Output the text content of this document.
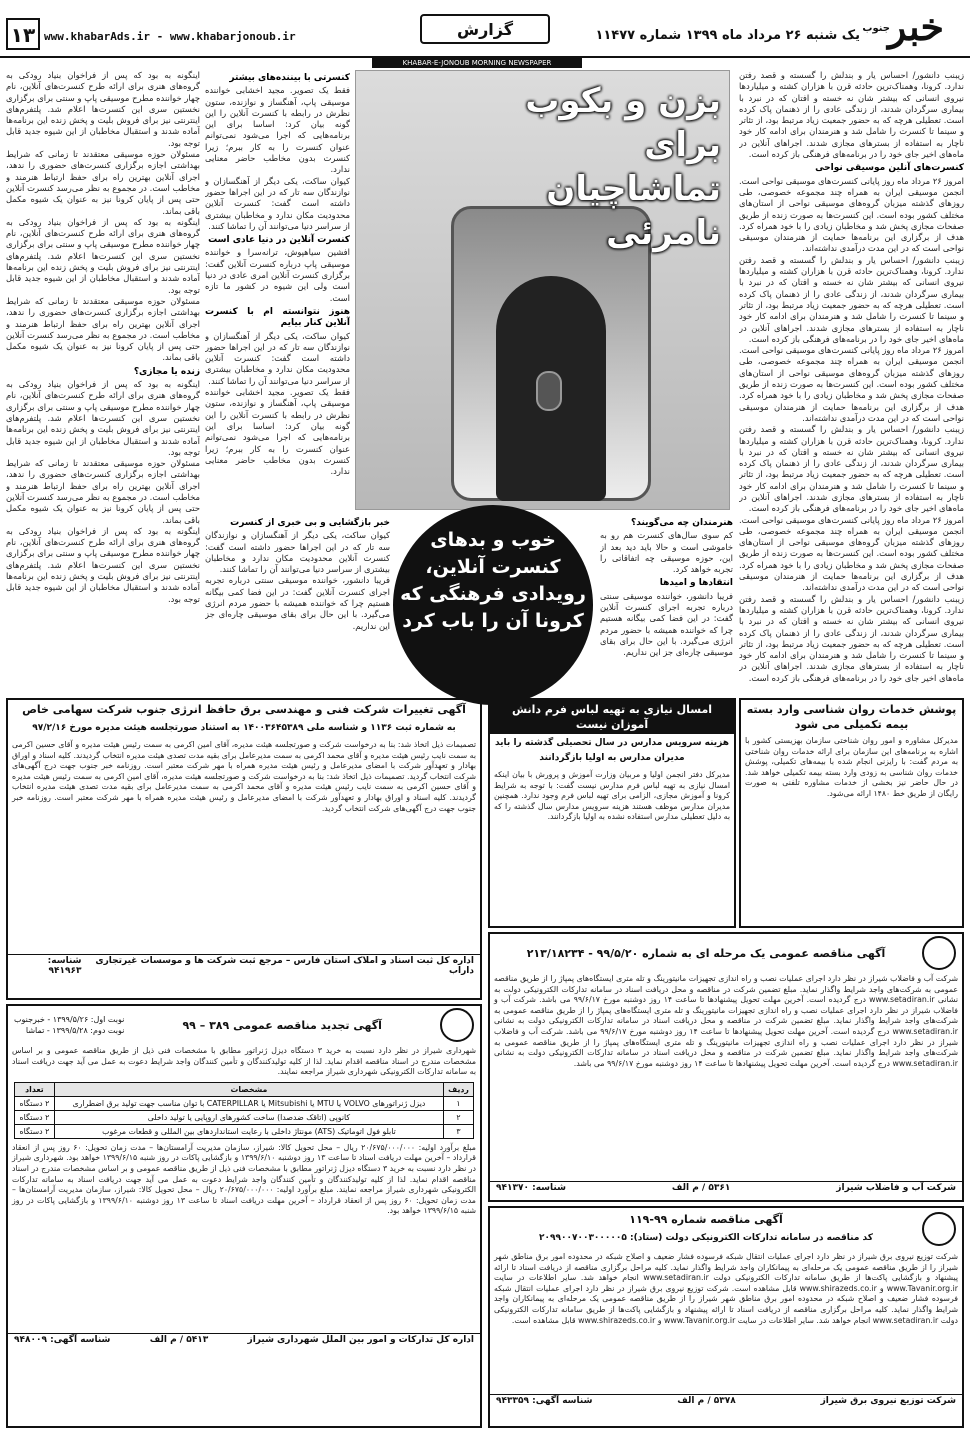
خبر
جنوب
یک شنبه ۲۶ مرداد ماه ۱۳۹۹ شماره ۱۱۴۷۷
گزارش
www.khabarAds.ir - www.khabarjonoub.ir
۱۳
KHABAR-E-JONOUB MORNING NEWSPAPER
زیبنب دانشور/ احساس یار و بندلش را گسسته و قصد رفتن ندارد. کرونا، وهمناک‌ترین حادثه قرن با هزاران کشته و میلیاردها نیروی انسانی که بیشتر شان نه خسته و افتان که در نبرد با بیماری سرگردان شدند، از زندگی عادی را از ذهنمان پاک کرده است. تعطیلی هرچه که به حضور جمعیت زیاد مرتبط بود، از تئاتر و سینما تا کنسرت را شامل شد و هنرمندان برای ادامه کار خود ناچار به استفاده از بسترهای مجازی شدند. اجراهای آنلاین در ماه‌های اخیر جای خود را در برنامه‌های فرهنگی باز کرده است.
کنسرت‌های آنلین موسیقی نواحی
امروز ۲۶ مرداد ماه روز پایانی کنسرت‌های موسیقی نواحی است. انجمن موسیقی ایران به همراه چند مجموعه خصوصی، طی روزهای گذشته میزبان گروه‌های موسیقی نواحی از استان‌های مختلف کشور بوده است. این کنسرت‌ها به صورت زنده از طریق صفحات مجازی پخش شد و مخاطبان زیادی را با خود همراه کرد. هدف از برگزاری این برنامه‌ها حمایت از هنرمندان موسیقی نواحی است که در این مدت درآمدی نداشته‌اند.
زیبنب دانشور/ احساس یار و بندلش را گسسته و قصد رفتن ندارد. کرونا، وهمناک‌ترین حادثه قرن با هزاران کشته و میلیاردها نیروی انسانی که بیشتر شان نه خسته و افتان که در نبرد با بیماری سرگردان شدند، از زندگی عادی را از ذهنمان پاک کرده است. تعطیلی هرچه که به حضور جمعیت زیاد مرتبط بود، از تئاتر و سینما تا کنسرت را شامل شد و هنرمندان برای ادامه کار خود ناچار به استفاده از بسترهای مجازی شدند. اجراهای آنلاین در ماه‌های اخیر جای خود را در برنامه‌های فرهنگی باز کرده است.
امروز ۲۶ مرداد ماه روز پایانی کنسرت‌های موسیقی نواحی است. انجمن موسیقی ایران به همراه چند مجموعه خصوصی، طی روزهای گذشته میزبان گروه‌های موسیقی نواحی از استان‌های مختلف کشور بوده است. این کنسرت‌ها به صورت زنده از طریق صفحات مجازی پخش شد و مخاطبان زیادی را با خود همراه کرد. هدف از برگزاری این برنامه‌ها حمایت از هنرمندان موسیقی نواحی است که در این مدت درآمدی نداشته‌اند.
زیبنب دانشور/ احساس یار و بندلش را گسسته و قصد رفتن ندارد. کرونا، وهمناک‌ترین حادثه قرن با هزاران کشته و میلیاردها نیروی انسانی که بیشتر شان نه خسته و افتان که در نبرد با بیماری سرگردان شدند، از زندگی عادی را از ذهنمان پاک کرده است. تعطیلی هرچه که به حضور جمعیت زیاد مرتبط بود، از تئاتر و سینما تا کنسرت را شامل شد و هنرمندان برای ادامه کار خود ناچار به استفاده از بسترهای مجازی شدند. اجراهای آنلاین در ماه‌های اخیر جای خود را در برنامه‌های فرهنگی باز کرده است.
امروز ۲۶ مرداد ماه روز پایانی کنسرت‌های موسیقی نواحی است. انجمن موسیقی ایران به همراه چند مجموعه خصوصی، طی روزهای گذشته میزبان گروه‌های موسیقی نواحی از استان‌های مختلف کشور بوده است. این کنسرت‌ها به صورت زنده از طریق صفحات مجازی پخش شد و مخاطبان زیادی را با خود همراه کرد. هدف از برگزاری این برنامه‌ها حمایت از هنرمندان موسیقی نواحی است که در این مدت درآمدی نداشته‌اند.
زیبنب دانشور/ احساس یار و بندلش را گسسته و قصد رفتن ندارد. کرونا، وهمناک‌ترین حادثه قرن با هزاران کشته و میلیاردها نیروی انسانی که بیشتر شان نه خسته و افتان که در نبرد با بیماری سرگردان شدند، از زندگی عادی را از ذهنمان پاک کرده است. تعطیلی هرچه که به حضور جمعیت زیاد مرتبط بود، از تئاتر و سینما تا کنسرت را شامل شد و هنرمندان برای ادامه کار خود ناچار به استفاده از بسترهای مجازی شدند. اجراهای آنلاین در ماه‌های اخیر جای خود را در برنامه‌های فرهنگی باز کرده است.
بزن و بکوب برای تماشاچیان نامرئی
کنسرتی با بیننده‌های بیشتر
فقط یک تصویر. مجید اخشابی خواننده موسیقی پاپ، آهنگساز و نوازنده، ستون نظرش در رابطه با کنسرت آنلاین را این گونه بیان کرد: اساسا برای این برنامه‌هایی که اجرا می‌شود نمی‌توانم عنوان کنسرت را به کار ببرم؛ زیرا کنسرت بدون مخاطب حاضر معنایی ندارد.
کیوان ساکت، یکی دیگر از آهنگسازان و نوازندگان سه تار که در این اجراها حضور داشته است گفت: کنسرت آنلاین محدودیت مکان ندارد و مخاطبان بیشتری از سراسر دنیا می‌توانند آن را تماشا کنند.
کنسرت آنلاین در دنیا عادی است
افشین سیاهپوش، ترانه‌سرا و خواننده موسیقی پاپ درباره کنسرت آنلاین گفت: برگزاری کنسرت آنلاین امری عادی در دنیا است ولی این شیوه در کشور ما تازه است.
هنوز نتوانسته ام با کنسرت آنلاین کنار بیایم
کیوان ساکت، یکی دیگر از آهنگسازان و نوازندگان سه تار که در این اجراها حضور داشته است گفت: کنسرت آنلاین محدودیت مکان ندارد و مخاطبان بیشتری از سراسر دنیا می‌توانند آن را تماشا کنند.
فقط یک تصویر. مجید اخشابی خواننده موسیقی پاپ، آهنگساز و نوازنده، ستون نظرش در رابطه با کنسرت آنلاین را این گونه بیان کرد: اساسا برای این برنامه‌هایی که اجرا می‌شود نمی‌توانم عنوان کنسرت را به کار ببرم؛ زیرا کنسرت بدون مخاطب حاضر معنایی ندارد.
اینگونه به بود که پس از فراخوان بنیاد رودکی به گروه‌های هنری برای ارائه طرح کنسرت‌های آنلاین، نام چهار خواننده مطرح موسیقی پاپ و سنتی برای برگزاری نخستین سری این کنسرت‌ها اعلام شد. پلتفرم‌های اینترنتی نیز برای فروش بلیت و پخش زنده این برنامه‌ها آماده شدند و استقبال مخاطبان از این شیوه جدید قابل توجه بود.
مسئولان حوزه موسیقی معتقدند تا زمانی که شرایط بهداشتی اجازه برگزاری کنسرت‌های حضوری را ندهد، اجرای آنلاین بهترین راه برای حفظ ارتباط هنرمند و مخاطب است. در مجموع به نظر می‌رسد کنسرت آنلاین حتی پس از پایان کرونا نیز به عنوان یک شیوه مکمل باقی بماند.
اینگونه به بود که پس از فراخوان بنیاد رودکی به گروه‌های هنری برای ارائه طرح کنسرت‌های آنلاین، نام چهار خواننده مطرح موسیقی پاپ و سنتی برای برگزاری نخستین سری این کنسرت‌ها اعلام شد. پلتفرم‌های اینترنتی نیز برای فروش بلیت و پخش زنده این برنامه‌ها آماده شدند و استقبال مخاطبان از این شیوه جدید قابل توجه بود.
مسئولان حوزه موسیقی معتقدند تا زمانی که شرایط بهداشتی اجازه برگزاری کنسرت‌های حضوری را ندهد، اجرای آنلاین بهترین راه برای حفظ ارتباط هنرمند و مخاطب است. در مجموع به نظر می‌رسد کنسرت آنلاین حتی پس از پایان کرونا نیز به عنوان یک شیوه مکمل باقی بماند.
زنده یا مجازی؟
اینگونه به بود که پس از فراخوان بنیاد رودکی به گروه‌های هنری برای ارائه طرح کنسرت‌های آنلاین، نام چهار خواننده مطرح موسیقی پاپ و سنتی برای برگزاری نخستین سری این کنسرت‌ها اعلام شد. پلتفرم‌های اینترنتی نیز برای فروش بلیت و پخش زنده این برنامه‌ها آماده شدند و استقبال مخاطبان از این شیوه جدید قابل توجه بود.
مسئولان حوزه موسیقی معتقدند تا زمانی که شرایط بهداشتی اجازه برگزاری کنسرت‌های حضوری را ندهد، اجرای آنلاین بهترین راه برای حفظ ارتباط هنرمند و مخاطب است. در مجموع به نظر می‌رسد کنسرت آنلاین حتی پس از پایان کرونا نیز به عنوان یک شیوه مکمل باقی بماند.
اینگونه به بود که پس از فراخوان بنیاد رودکی به گروه‌های هنری برای ارائه طرح کنسرت‌های آنلاین، نام چهار خواننده مطرح موسیقی پاپ و سنتی برای برگزاری نخستین سری این کنسرت‌ها اعلام شد. پلتفرم‌های اینترنتی نیز برای فروش بلیت و پخش زنده این برنامه‌ها آماده شدند و استقبال مخاطبان از این شیوه جدید قابل توجه بود.
هنرمندان چه می‌گویند؟
کم سوی سال‌های کنسرت هم رو به خاموشی است و حالا باید دید بعد از این، حوزه موسیقی چه اتفاقاتی را تجربه خواهد کرد.
انتقادها و امیدها
فریبا دانشور، خواننده موسیقی سنتی درباره تجربه اجرای کنسرت آنلاین گفت: در این فضا کمی بیگانه هستیم چرا که خواننده همیشه با حضور مردم انرژی می‌گیرد. با این حال برای بقای موسیقی چاره‌ای جز این نداریم.
خبر بازگشایی و بی خبری از کنسرت
کیوان ساکت، یکی دیگر از آهنگسازان و نوازندگان سه تار که در این اجراها حضور داشته است گفت: کنسرت آنلاین محدودیت مکان ندارد و مخاطبان بیشتری از سراسر دنیا می‌توانند آن را تماشا کنند.
فریبا دانشور، خواننده موسیقی سنتی درباره تجربه اجرای کنسرت آنلاین گفت: در این فضا کمی بیگانه هستیم چرا که خواننده همیشه با حضور مردم انرژی می‌گیرد. با این حال برای بقای موسیقی چاره‌ای جز این نداریم.
خوب و بدهای کنسرت آنلاین، رویدادی فرهنگی که کرونا آن را باب کرد
پوشش خدمات روان شناسی وارد بسته بیمه تکمیلی می شود
مدیرکل مشاوره و امور روان شناختی سازمان بهزیستی کشور با اشاره به برنامه‌های این سازمان برای ارائه خدمات روان شناختی به مردم گفت: با رایزنی انجام شده با بیمه‌های تکمیلی، پوشش خدمات روان شناسی به زودی وارد بسته بیمه تکمیلی خواهد شد. در حال حاضر نیز بخشی از خدمات مشاوره تلفنی به صورت رایگان از طریق خط ۱۴۸۰ ارائه می‌شود.
امسال نیازی به تهیه لباس فرم دانش آموزان نیست
هزینه سرویس مدارس در سال تحصیلی گذشته را باید مدیران مدارس به اولیا بازگردانند
مدیرکل دفتر انجمن اولیا و مربیان وزارت آموزش و پرورش با بیان اینکه امسال نیازی به تهیه لباس فرم مدارس نیست گفت: با توجه به شرایط کرونا و آموزش مجازی، الزامی برای تهیه لباس فرم وجود ندارد. همچنین مدیران مدارس موظف هستند هزینه سرویس مدارس سال گذشته را که به دلیل تعطیلی مدارس استفاده نشده به اولیا بازگردانند.
آگهی تغییرات شرکت فنی و مهندسی برق حافظ انرژی جنوب شرکت سهامی خاص
به شماره ثبت ۱۱۳۶ و شناسه ملی ۱۴۰۰۳۶۴۵۳۸۹ به استناد صورتجلسه هیئت مدیره مورخ ۹۷/۲/۱۶
تصمیمات ذیل اتخاذ شد: بنا به درخواست شرکت و صورتجلسه هیئت مدیره، آقای امین اکرمی به سمت رئیس هیئت مدیره و آقای حسین اکرمی به سمت نایب رئیس هیئت مدیره و آقای محمد اکرمی به سمت مدیرعامل برای بقیه مدت تصدی هیئت مدیره انتخاب گردیدند. کلیه اسناد و اوراق بهادار و تعهدآور شرکت با امضای مدیرعامل و رئیس هیئت مدیره همراه با مهر شرکت معتبر است. روزنامه خبر جنوب جهت درج آگهی‌های شرکت انتخاب گردید. تصمیمات ذیل اتخاذ شد: بنا به درخواست شرکت و صورتجلسه هیئت مدیره، آقای امین اکرمی به سمت رئیس هیئت مدیره و آقای حسین اکرمی به سمت نایب رئیس هیئت مدیره و آقای محمد اکرمی به سمت مدیرعامل برای بقیه مدت تصدی هیئت مدیره انتخاب گردیدند. کلیه اسناد و اوراق بهادار و تعهدآور شرکت با امضای مدیرعامل و رئیس هیئت مدیره همراه با مهر شرکت معتبر است. روزنامه خبر جنوب جهت درج آگهی‌های شرکت انتخاب گردید.
اداره کل ثبت اسناد و املاک استان فارس – مرجع ثبت شرکت ها و موسسات غیرتجاری داراب
شناسه: ۹۴۱۹۶۳
آگهی مناقصه عمومی یک مرحله ای به شماره ۹۹/۵/۲۰ - ۲۱۳/۱۸۲۳۴
شرکت آب و فاضلاب شیراز در نظر دارد اجرای عملیات نصب و راه اندازی تجهیزات مانیتورینگ و تله متری ایستگاه‌های پمپاژ را از طریق مناقصه عمومی به شرکت‌های واجد شرایط واگذار نماید. مبلغ تضمین شرکت در مناقصه و محل دریافت اسناد در سامانه تدارکات الکترونیکی دولت به نشانی www.setadiran.ir درج گردیده است. آخرین مهلت تحویل پیشنهادها تا ساعت ۱۴ روز دوشنبه مورخ ۹۹/۶/۱۷ می باشد. شرکت آب و فاضلاب شیراز در نظر دارد اجرای عملیات نصب و راه اندازی تجهیزات مانیتورینگ و تله متری ایستگاه‌های پمپاژ را از طریق مناقصه عمومی به شرکت‌های واجد شرایط واگذار نماید. مبلغ تضمین شرکت در مناقصه و محل دریافت اسناد در سامانه تدارکات الکترونیکی دولت به نشانی www.setadiran.ir درج گردیده است. آخرین مهلت تحویل پیشنهادها تا ساعت ۱۴ روز دوشنبه مورخ ۹۹/۶/۱۷ می باشد. شرکت آب و فاضلاب شیراز در نظر دارد اجرای عملیات نصب و راه اندازی تجهیزات مانیتورینگ و تله متری ایستگاه‌های پمپاژ را از طریق مناقصه عمومی به شرکت‌های واجد شرایط واگذار نماید. مبلغ تضمین شرکت در مناقصه و محل دریافت اسناد در سامانه تدارکات الکترونیکی دولت به نشانی www.setadiran.ir درج گردیده است. آخرین مهلت تحویل پیشنهادها تا ساعت ۱۴ روز دوشنبه مورخ ۹۹/۶/۱۷ می باشد.
شرکت آب و فاضلاب شیراز
۵۳۶۱ / م الف
شناسه: ۹۴۱۳۷۰
آگهی تجدید مناقصه عمومی ۳۸۹ – ۹۹
نوبت اول: ۱۳۹۹/۵/۲۶ - خبرجنوب
نوبت دوم: ۱۳۹۹/۵/۲۸ - تماشا
شهرداری شیراز در نظر دارد نسبت به خرید ۳ دستگاه دیزل ژنراتور مطابق با مشخصات فنی ذیل از طریق مناقصه عمومی و بر اساس مشخصات مندرج در اسناد مناقصه اقدام نماید. لذا از کلیه تولیدکنندگان و تأمین کنندگان واجد شرایط دعوت به عمل می آید جهت دریافت اسناد به سامانه تدارکات الکترونیکی شهرداری شیراز مراجعه نمایند.
ردیف	مشخصات	تعداد
۱	دیزل ژنراتورهای VOLVO یا MTU یا Mitsubishi یا CATERPILLAR با توان مناسب جهت تولید برق اضطراری	۲ دستگاه
۲	کانوپی (اتاقک ضدصدا) ساخت کشورهای اروپایی یا تولید داخلی	۲ دستگاه
۳	تابلو فول اتوماتیک (ATS) مونتاژ داخلی با رعایت استانداردهای بین المللی و قطعات مرغوب	۲ دستگاه
مبلغ برآورد اولیه: ۲۰/۶۷۵/۰۰۰/۰۰۰ ریال – محل تحویل کالا: شیراز، سازمان مدیریت آرامستان‌ها – مدت زمان تحویل: ۶۰ روز پس از انعقاد قرارداد – آخرین مهلت دریافت اسناد تا ساعت ۱۳ روز دوشنبه ۱۳۹۹/۶/۱۰ و بازگشایی پاکات در روز شنبه ۱۳۹۹/۶/۱۵ خواهد بود. شهرداری شیراز در نظر دارد نسبت به خرید ۳ دستگاه دیزل ژنراتور مطابق با مشخصات فنی ذیل از طریق مناقصه عمومی و بر اساس مشخصات مندرج در اسناد مناقصه اقدام نماید. لذا از کلیه تولیدکنندگان و تأمین کنندگان واجد شرایط دعوت به عمل می آید جهت دریافت اسناد به سامانه تدارکات الکترونیکی شهرداری شیراز مراجعه نمایند. مبلغ برآورد اولیه: ۲۰/۶۷۵/۰۰۰/۰۰۰ ریال – محل تحویل کالا: شیراز، سازمان مدیریت آرامستان‌ها – مدت زمان تحویل: ۶۰ روز پس از انعقاد قرارداد – آخرین مهلت دریافت اسناد تا ساعت ۱۳ روز دوشنبه ۱۳۹۹/۶/۱۰ و بازگشایی پاکات در روز شنبه ۱۳۹۹/۶/۱۵ خواهد بود.
اداره کل تدارکات و امور بین الملل شهرداری شیراز
۵۴۱۳ / م الف
شناسه آگهی: ۹۴۸۰۰۹
آگهی مناقصه شماره ۹۹-۱۱۹
کد مناقصه در سامانه تدارکات الکترونیکی دولت (ستاد): ۲۰۹۹۰۰۷۰۰۳۰۰۰۰۰۵
شرکت توزیع نیروی برق شیراز در نظر دارد اجرای عملیات انتقال شبکه فرسوده فشار ضعیف و اصلاح شبکه در محدوده امور برق مناطق شهر شیراز را از طریق مناقصه عمومی یک مرحله‌ای به پیمانکاران واجد شرایط واگذار نماید. کلیه مراحل برگزاری مناقصه از دریافت اسناد تا ارائه پیشنهاد و بازگشایی پاکت‌ها از طریق سامانه تدارکات الکترونیکی دولت www.setadiran.ir انجام خواهد شد. سایر اطلاعات در سایت www.Tavanir.org.ir و www.shirazeds.co.ir قابل مشاهده است. شرکت توزیع نیروی برق شیراز در نظر دارد اجرای عملیات انتقال شبکه فرسوده فشار ضعیف و اصلاح شبکه در محدوده امور برق مناطق شهر شیراز را از طریق مناقصه عمومی یک مرحله‌ای به پیمانکاران واجد شرایط واگذار نماید. کلیه مراحل برگزاری مناقصه از دریافت اسناد تا ارائه پیشنهاد و بازگشایی پاکت‌ها از طریق سامانه تدارکات الکترونیکی دولت www.setadiran.ir انجام خواهد شد. سایر اطلاعات در سایت www.Tavanir.org.ir و www.shirazeds.co.ir قابل مشاهده است.
شرکت توزیع نیروی برق شیراز
۵۳۷۸ / م الف
شناسه آگهی: ۹۴۳۳۵۹
